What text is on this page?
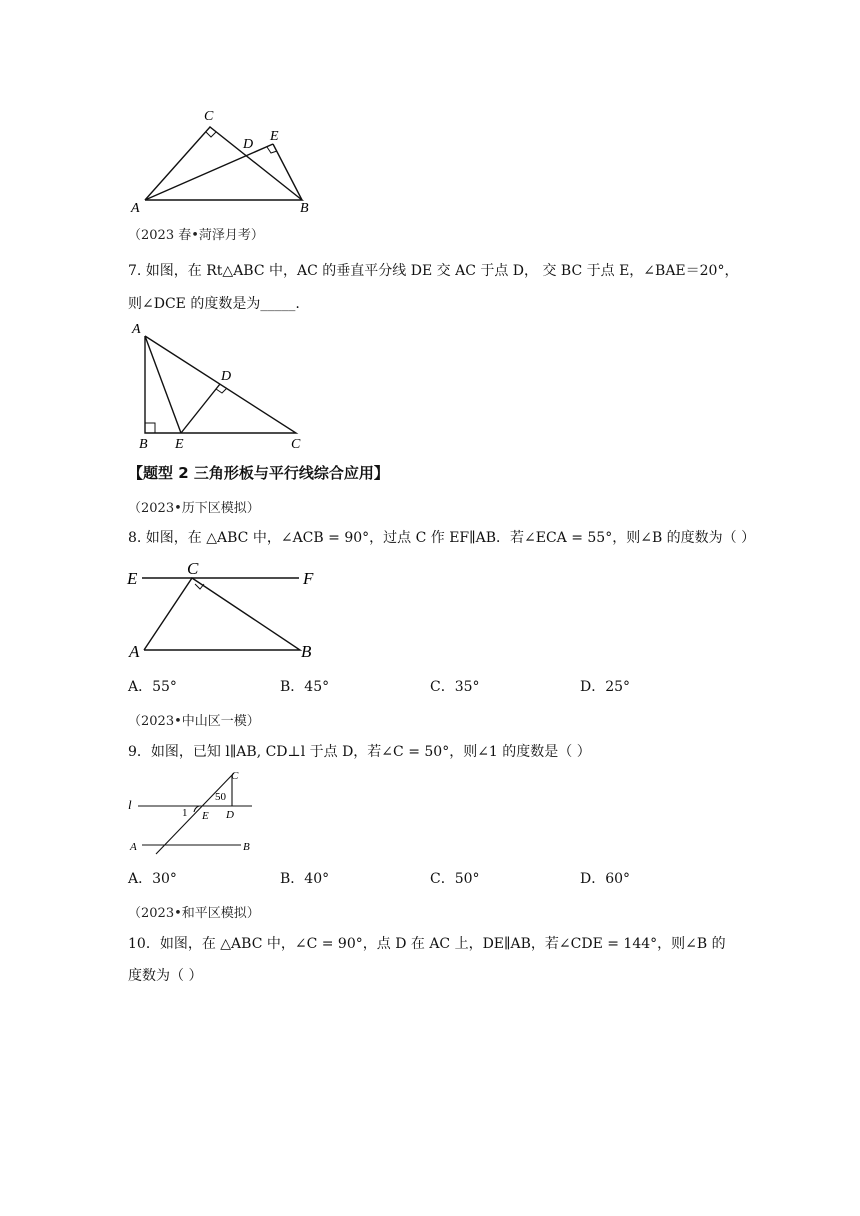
A	B
C
D
E
（2023 春•菏泽月考）
7. 如图，在 Rt△ABC 中，AC 的垂直平分线 DE 交 AC 于点 D， 交 BC 于点 E，∠BAE＝20°，
则∠DCE 的度数是为_____.
A
B E	C
D
【题型 2 三角形板与平行线综合应用】
（2023•历下区模拟）
8. 如图，在 △ABC 中，∠ACB = 90°，过点 C 作 EF∥AB．若∠ECA = 55°，则∠B 的度数为（ ）
E	F
C
A	B
A．55°	B．45°	C．35°	D．25°
（2023•中山区一模）
9．如图，已知 l∥AB, CD⊥l 于点 D，若∠C = 50°，则∠1 的度数是（ ）
l
A	B
C
D
E
1
50
A．30°	B．40°	C．50°	D．60°
（2023•和平区模拟）
10．如图，在 △ABC 中，∠C = 90°，点 D 在 AC 上，DE∥AB，若∠CDE = 144°，则∠B 的
度数为（ ）
